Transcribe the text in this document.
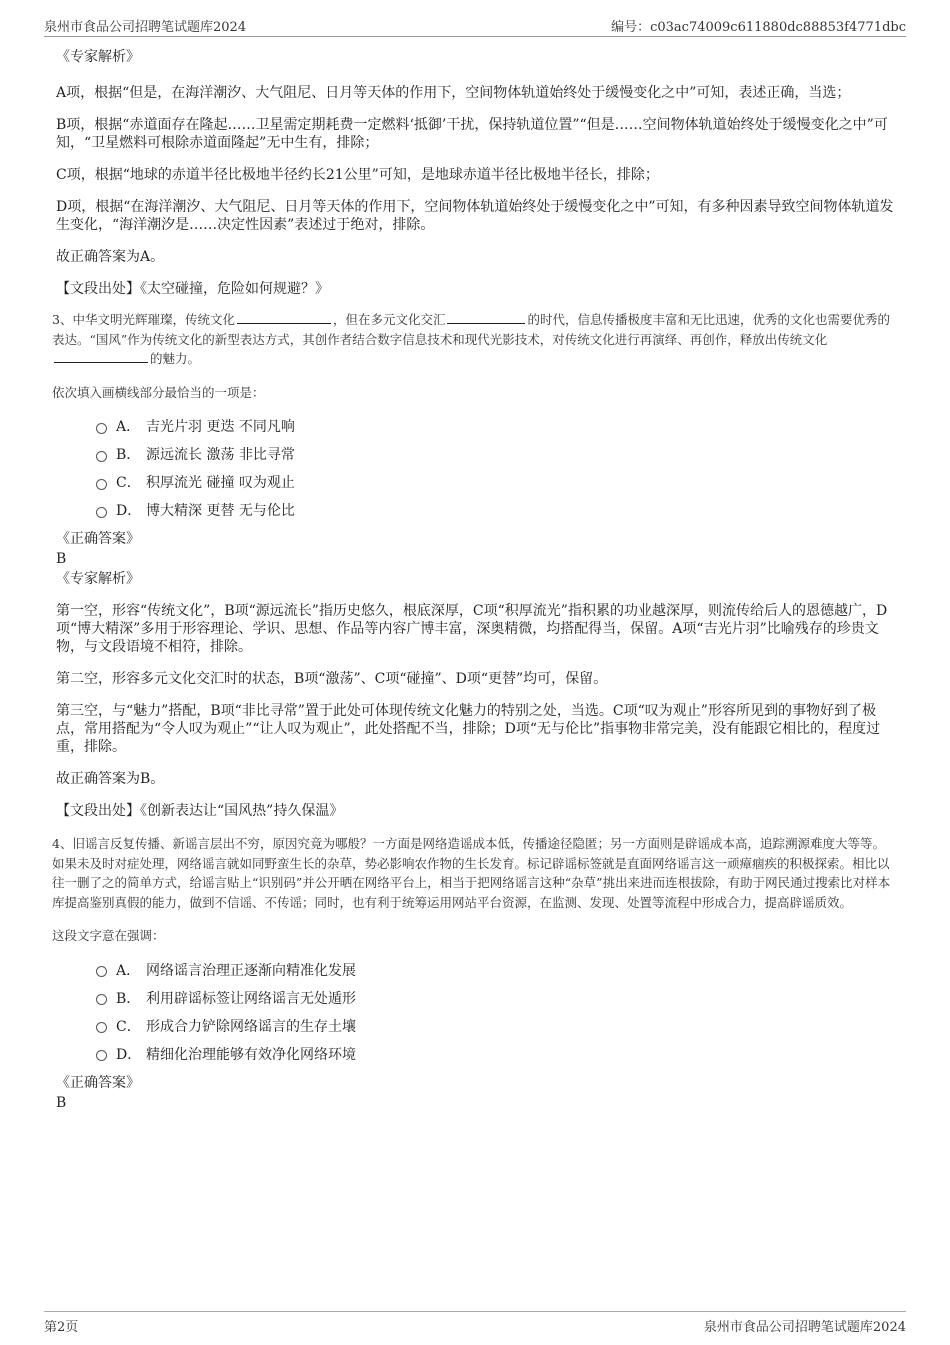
泉州市食品公司招聘笔试题库2024	编号：c03ac74009c611880dc88853f4771dbc

《专家解析》

A项，根据“但是，在海洋潮汐、大气阻尼、日月等天体的作用下，空间物体轨道始终处于缓慢变化之中”可知，表述正确，当选；

B项，根据“赤道面存在隆起……卫星需定期耗费一定燃料‘抵御’干扰，保持轨道位置”“但是……空间物体轨道始终处于缓慢变化之中”可知，“卫星燃料可根除赤道面隆起”无中生有，排除；

C项，根据“地球的赤道半径比极地半径约长21公里”可知，是地球赤道半径比极地半径长，排除；

D项，根据“在海洋潮汐、大气阻尼、日月等天体的作用下，空间物体轨道始终处于缓慢变化之中”可知，有多种因素导致空间物体轨道发生变化，“海洋潮汐是……决定性因素”表述过于绝对，排除。

故正确答案为A。

【文段出处】《太空碰撞，危险如何规避？》

3、中华文明光辉璀璨，传统文化	，但在多元文化交汇	的时代，信息传播极度丰富和无比迅速，优秀的文化也需要优秀的表达。“国风”作为传统文化的新型表达方式，其创作者结合数字信息技术和现代光影技术，对传统文化进行再演绎、再创作，释放出传统文化的魅力。

依次填入画横线部分最恰当的一项是：

A． 吉光片羽 更迭 不同凡响
B． 源远流长 激荡 非比寻常
C． 积厚流光 碰撞 叹为观止
D． 博大精深 更替 无与伦比

《正确答案》

B

《专家解析》

第一空，形容“传统文化”，B项“源远流长”指历史悠久，根底深厚，C项“积厚流光”指积累的功业越深厚，则流传给后人的恩德越广，D项“博大精深”多用于形容理论、学识、思想、作品等内容广博丰富，深奥精微，均搭配得当，保留。A项“吉光片羽”比喻残存的珍贵文物，与文段语境不相符，排除。

第二空，形容多元文化交汇时的状态，B项“激荡”、C项“碰撞”、D项“更替”均可，保留。

第三空，与“魅力”搭配，B项“非比寻常”置于此处可体现传统文化魅力的特别之处，当选。C项“叹为观止”形容所见到的事物好到了极点，常用搭配为“令人叹为观止”“让人叹为观止”，此处搭配不当，排除；D项“无与伦比”指事物非常完美，没有能跟它相比的，程度过重，排除。

故正确答案为B。

【文段出处】《创新表达让“国风热”持久保温》

4、旧谣言反复传播、新谣言层出不穷，原因究竟为哪般？一方面是网络造谣成本低，传播途径隐匿；另一方面则是辟谣成本高，追踪溯源难度大等等。如果未及时对症处理，网络谣言就如同野蛮生长的杂草，势必影响农作物的生长发育。标记辟谣标签就是直面网络谣言这一顽瘴痼疾的积极探索。相比以往一删了之的简单方式，给谣言贴上“识别码”并公开晒在网络平台上，相当于把网络谣言这种“杂草”挑出来进而连根拔除，有助于网民通过搜索比对样本库提高鉴别真假的能力，做到不信谣、不传谣；同时，也有利于统筹运用网站平台资源，在监测、发现、处置等流程中形成合力，提高辟谣质效。

这段文字意在强调：

A． 网络谣言治理正逐渐向精准化发展
B． 利用辟谣标签让网络谣言无处遁形
C． 形成合力铲除网络谣言的生存土壤
D． 精细化治理能够有效净化网络环境

《正确答案》

B

第2页	泉州市食品公司招聘笔试题库2024
